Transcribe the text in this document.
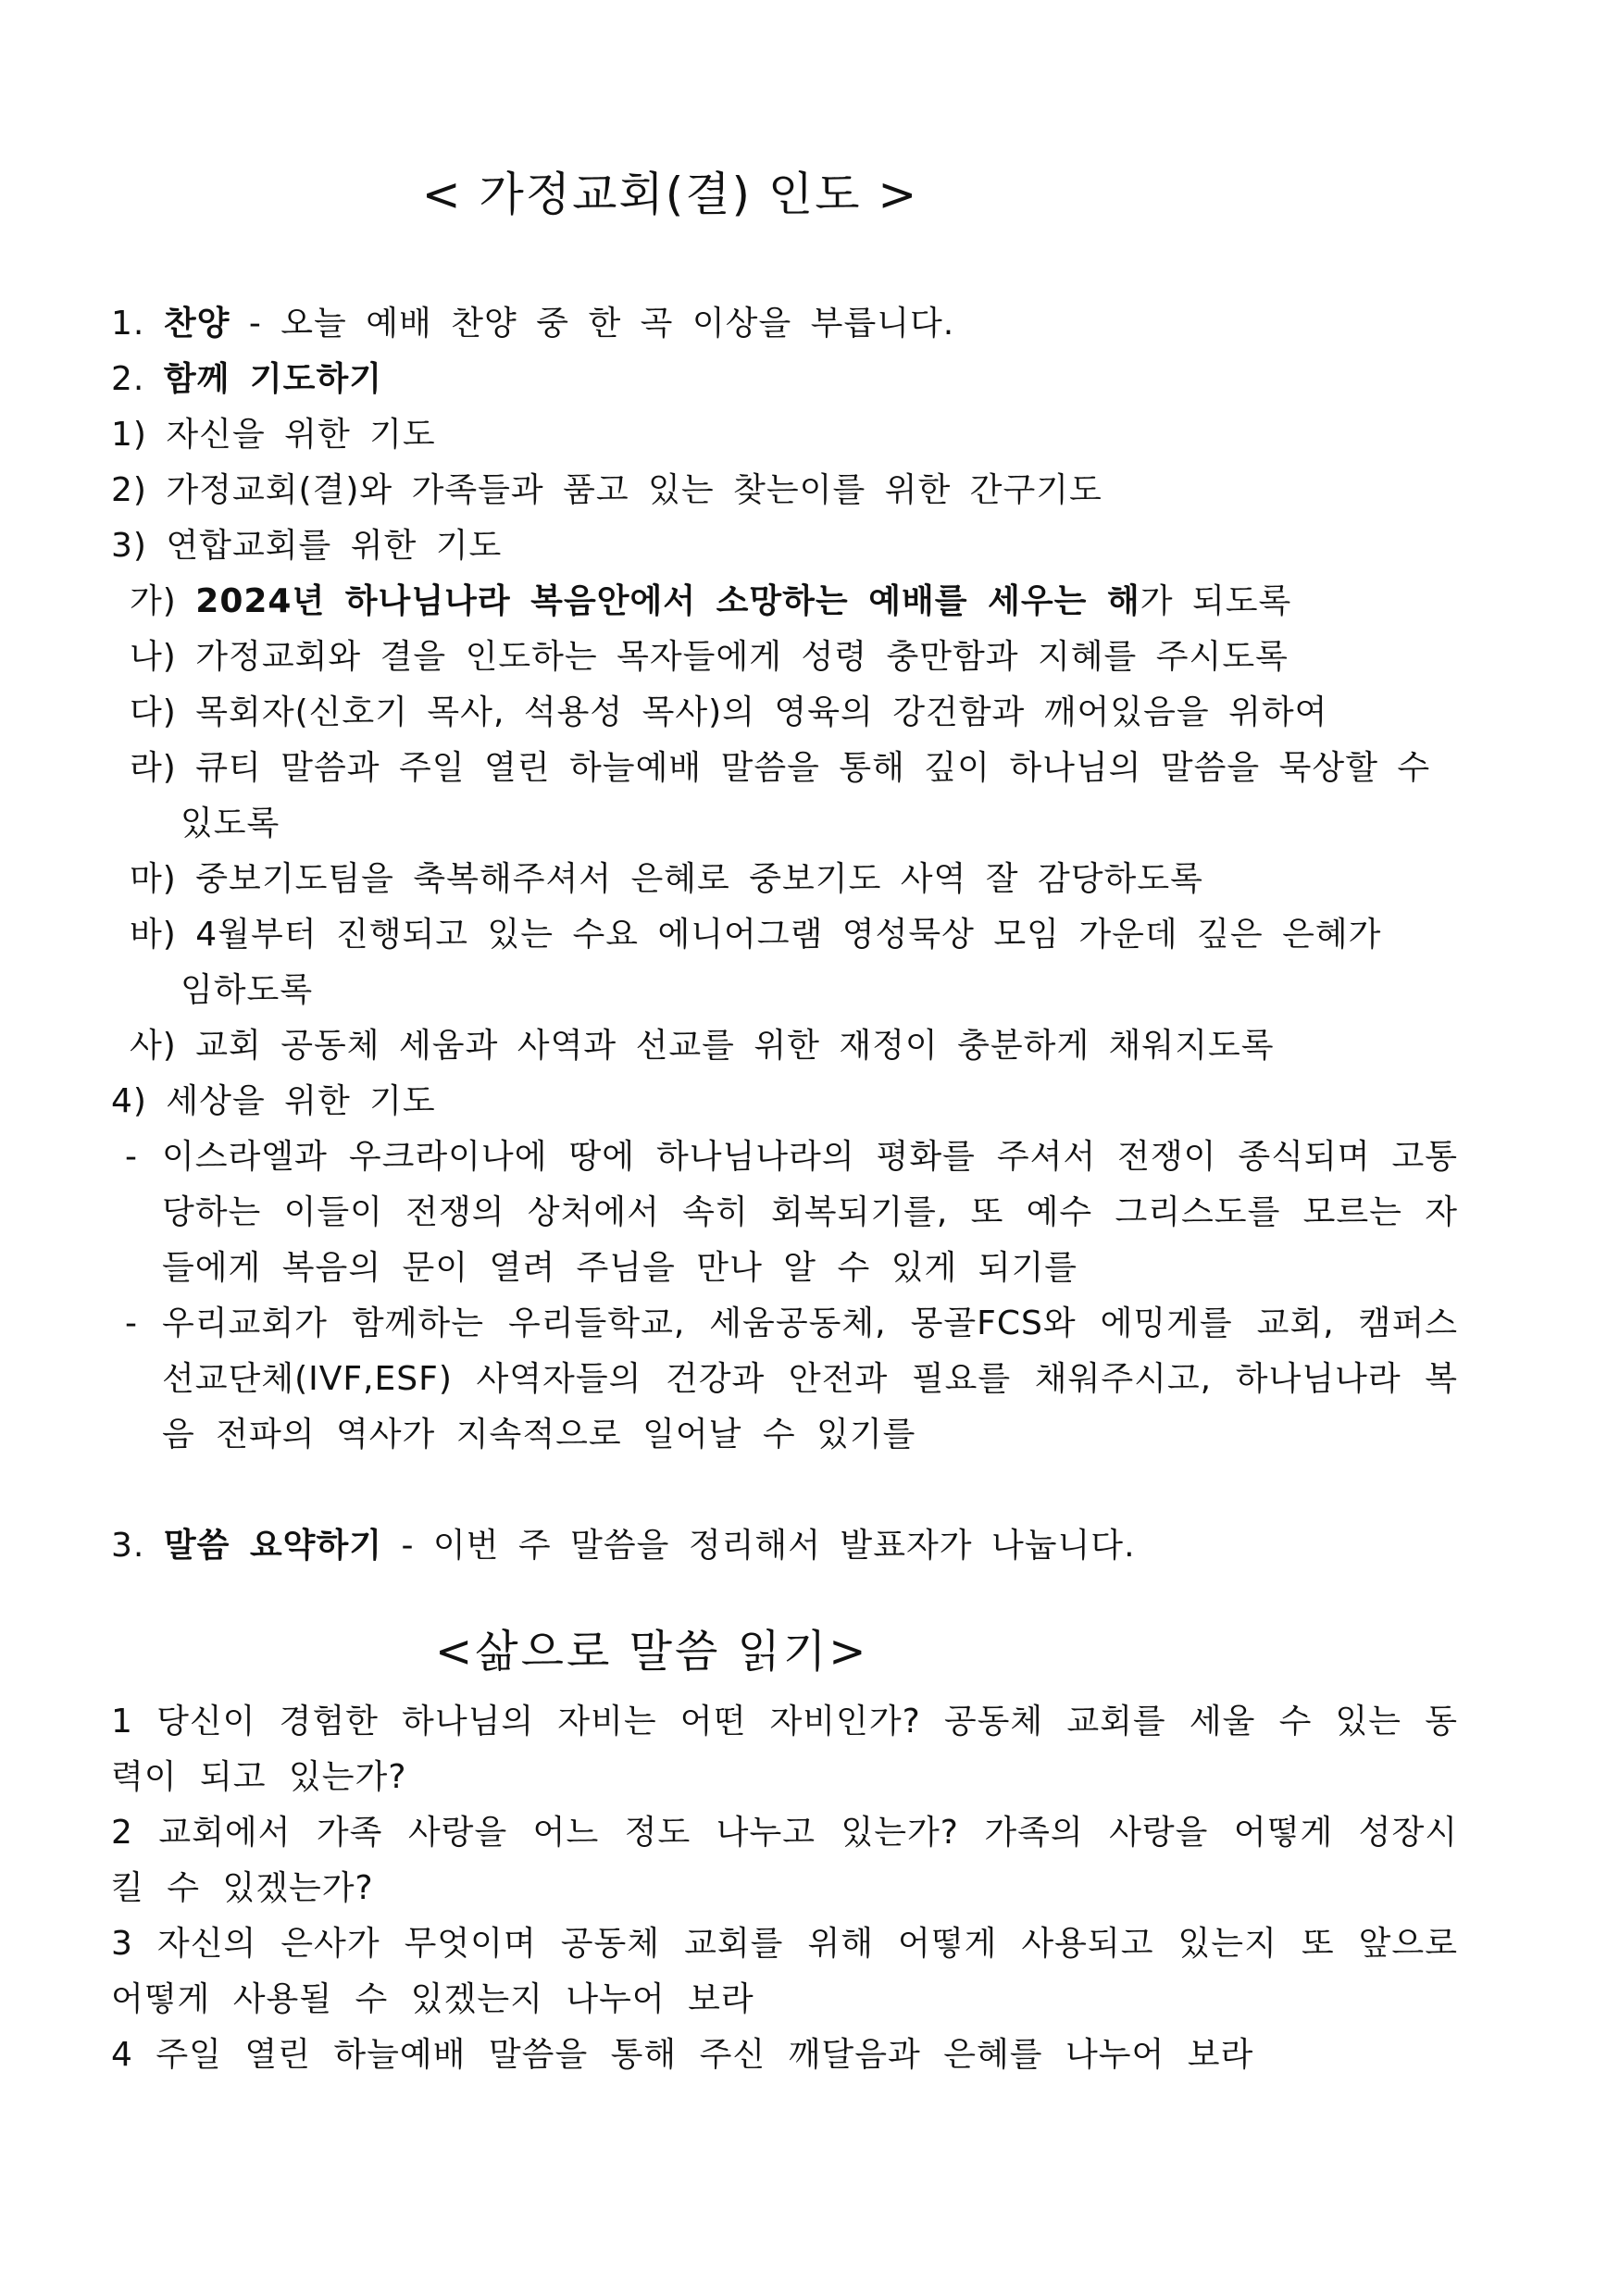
< 가정교회(결) 인도 >
1. 찬양 - 오늘 예배 찬양 중 한 곡 이상을 부릅니다.
2. 함께 기도하기
1) 자신을 위한 기도
2) 가정교회(결)와 가족들과 품고 있는 찾는이를 위한 간구기도
3) 연합교회를 위한 기도
가) 2024년 하나님나라 복음안에서 소망하는 예배를 세우는 해가 되도록
나) 가정교회와 결을 인도하는 목자들에게 성령 충만함과 지혜를 주시도록
다) 목회자(신호기 목사, 석용성 목사)의 영육의 강건함과 깨어있음을 위하여
라) 큐티 말씀과 주일 열린 하늘예배 말씀을 통해 깊이 하나님의 말씀을 묵상할 수
있도록
마) 중보기도팀을 축복해주셔서 은혜로 중보기도 사역 잘 감당하도록
바) 4월부터 진행되고 있는 수요 에니어그램 영성묵상 모임 가운데 깊은 은혜가
임하도록
사) 교회 공동체 세움과 사역과 선교를 위한 재정이 충분하게 채워지도록
4) 세상을 위한 기도
- 이스라엘과 우크라이나에 땅에 하나님나라의 평화를 주셔서 전쟁이 종식되며 고통당하는 이들이 전쟁의 상처에서 속히 회복되기를, 또 예수 그리스도를 모르는 자들에게 복음의 문이 열려 주님을 만나 알 수 있게 되기를
- 우리교회가 함께하는 우리들학교, 세움공동체, 몽골FCS와 에밍게를 교회, 캠퍼스 선교단체(IVF,ESF) 사역자들의 건강과 안전과 필요를 채워주시고, 하나님나라 복음 전파의 역사가 지속적으로 일어날 수 있기를
3. 말씀 요약하기 - 이번 주 말씀을 정리해서 발표자가 나눕니다.
<삶으로 말씀 읽기>
1 당신이 경험한 하나님의 자비는 어떤 자비인가? 공동체 교회를 세울 수 있는 동력이 되고 있는가?
2 교회에서 가족 사랑을 어느 정도 나누고 있는가? 가족의 사랑을 어떻게 성장시킬 수 있겠는가?
3 자신의 은사가 무엇이며 공동체 교회를 위해 어떻게 사용되고 있는지 또 앞으로 어떻게 사용될 수 있겠는지 나누어 보라
4 주일 열린 하늘예배 말씀을 통해 주신 깨달음과 은혜를 나누어 보라
